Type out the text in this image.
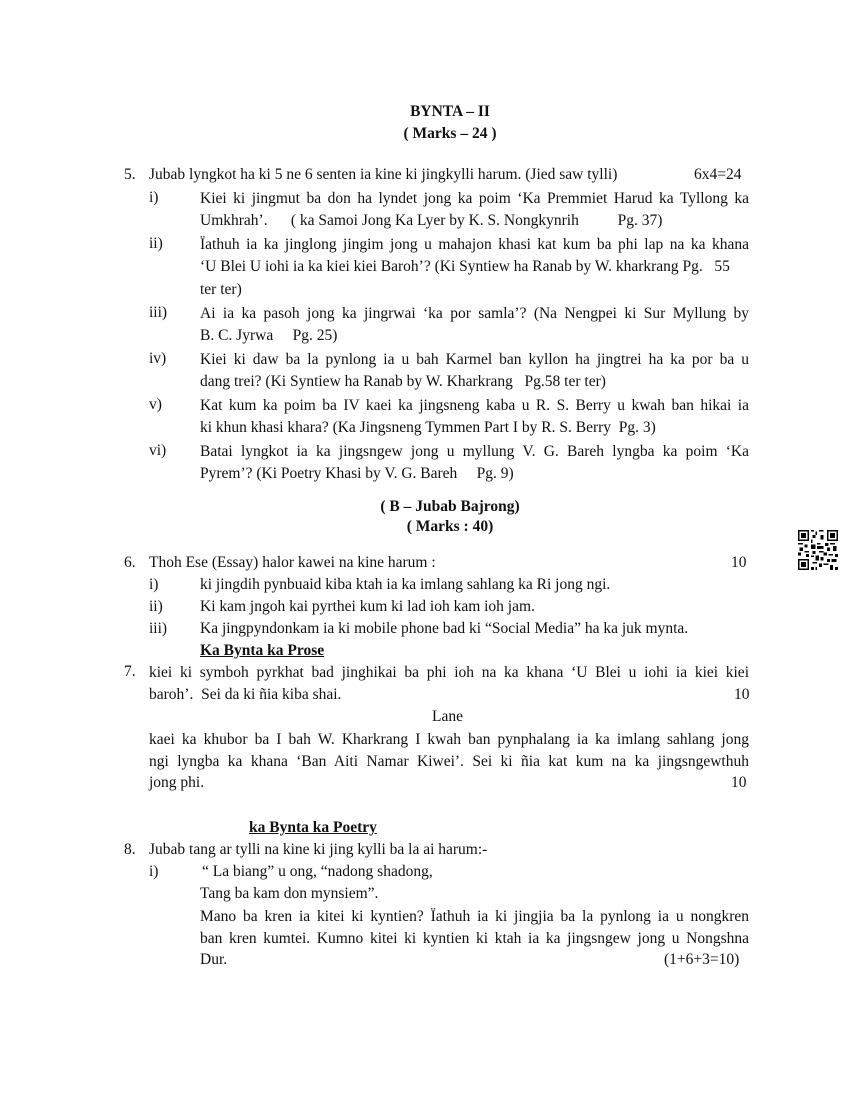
BYNTA – II
( Marks – 24 )
5. Jubab lyngkot ha ki 5 ne 6 senten ia kine ki jingkylli harum. (Jied saw tylli)	6x4=24
i)	Kiei ki jingmut ba don ha lyndet jong ka poim ‘Ka Premmiet Harud ka Tyllong ka
Umkhrah’.      ( ka Samoi Jong Ka Lyer by K. S. Nongkynrih          Pg. 37)
ii) Ïathuh ia ka jinglong jingim jong u mahajon khasi kat kum ba phi lap na ka khana
‘U Blei U iohi ia ka kiei kiei Baroh’? (Ki Syntiew ha Ranab by W. kharkrang Pg.   55
ter ter)
iii) Ai ia ka pasoh jong ka jingrwai ‘ka por samla’? (Na Nengpei ki Sur Myllung by
B. C. Jyrwa     Pg. 25)
iv) Kiei ki daw ba la pynlong ia u bah Karmel ban kyllon ha jingtrei ha ka por ba u
dang trei? (Ki Syntiew ha Ranab by W. Kharkrang   Pg.58 ter ter)
v) Kat kum ka poim ba IV kaei ka jingsneng kaba u R. S. Berry u kwah ban hikai ia
ki khun khasi khara? (Ka Jingsneng Tymmen Part I by R. S. Berry  Pg. 3)
vi) Batai lyngkot ia ka jingsngew jong u myllung V. G. Bareh lyngba ka poim ‘Ka
Pyrem’? (Ki Poetry Khasi by V. G. Bareh     Pg. 9)
( B – Jubab Bajrong)
( Marks : 40)
6. Thoh Ese (Essay) halor kawei na kine harum :	10
i)	ki jingdih pynbuaid kiba ktah ia ka imlang sahlang ka Ri jong ngi.
ii) Ki kam jngoh kai pyrthei kum ki lad ioh kam ioh jam.
iii) Ka jingpyndonkam ia ki mobile phone bad ki “Social Media” ha ka juk mynta.
Ka Bynta ka Prose
7. kiei ki symboh pyrkhat bad jinghikai ba phi ioh na ka khana ‘U Blei u iohi ia kiei kiei
baroh’.  Sei da ki ñia kiba shai.	10
Lane
kaei ka khubor ba I bah W. Kharkrang I kwah ban pynphalang ia ka imlang sahlang jong
ngi lyngba ka khana ‘Ban Aiti Namar Kiwei’. Sei ki ñia kat kum na ka jingsngewthuh
jong phi.	10
ka Bynta ka Poetry
8. Jubab tang ar tylli na kine ki jing kylli ba la ai harum:-
i)	“ La biang” u ong, “nadong shadong,
Tang ba kam don mynsiem”.
Mano ba kren ia kitei ki kyntien? Ïathuh ia ki jingjia ba la pynlong ia u nongkren
ban kren kumtei. Kumno kitei ki kyntien ki ktah ia ka jingsngew jong u Nongshna
Dur.	(1+6+3=10)
